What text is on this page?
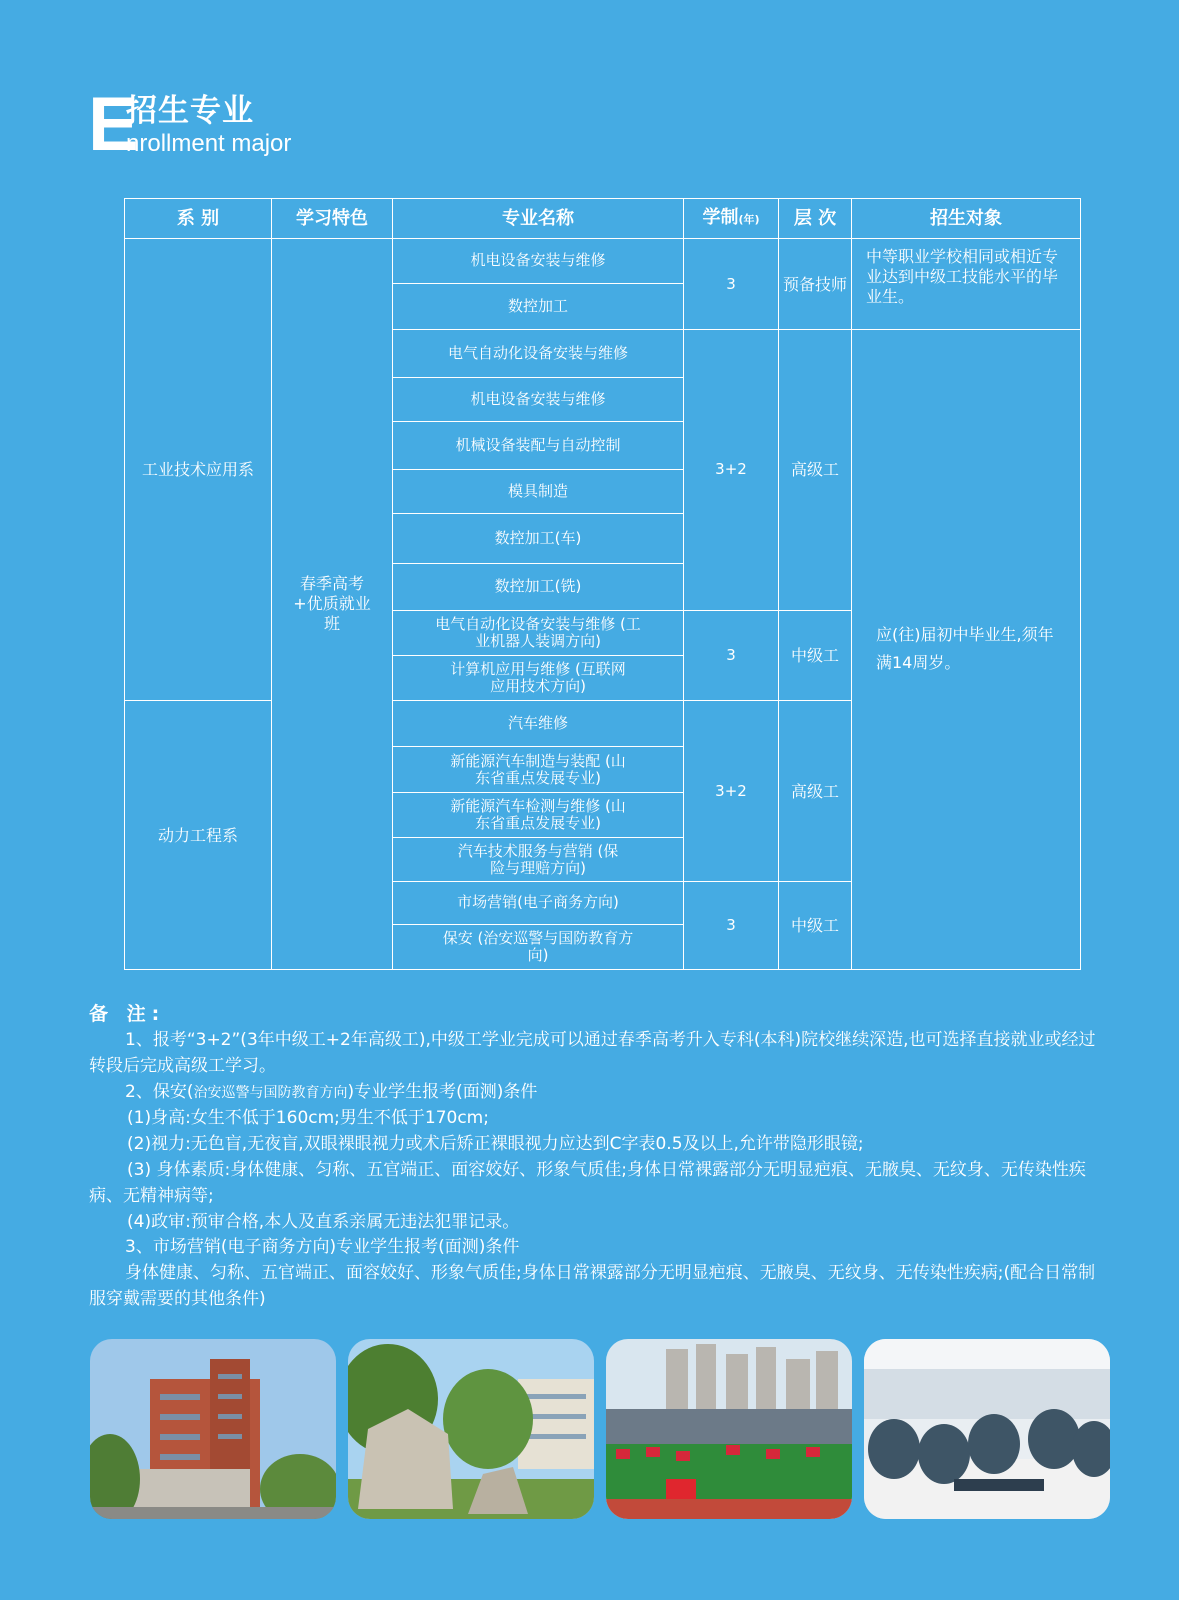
E
招生专业
nrollment major
系 别	学习特色	专业名称	学制(年)	层 次	招生对象
工业技术应用系	春季高考+优质就业班	机电设备安装与维修	3	预备技师	中等职业学校相同或相近专业达到中级工技能水平的毕业生。
		数控加工			
		电气自动化设备安装与维修	3+2	高级工	应(往)届初中毕业生,须年满14周岁。

		机电设备安装与维修			
		机械设备装配与自动控制			
		模具制造			
		数控加工(车)			
		数控加工(铣)			

		电气自动化设备安装与维修 (工业机器人装调方向)	3	中级工	

		计算机应用与维修 (互联网应用技术方向)			

动力工程系		汽车维修	3+2	高级工	

		新能源汽车制造与装配 (山东省重点发展专业)			

		新能源汽车检测与维修 (山东省重点发展专业)			

		汽车技术服务与营销 (保险与理赔方向)			

		市场营销(电子商务方向)	3	中级工	

		保安 (治安巡警与国防教育方向)			

备 注:

1、报考“3+2”(3年中级工+2年高级工),中级工学业完成可以通过春季高考升入专科(本科)院校继续深造,也可选择直接就业或经过转段后完成高级工学习。

2、保安(治安巡警与国防教育方向)专业学生报考(面测)条件

(1)身高:女生不低于160cm;男生不低于170cm;

(2)视力:无色盲,无夜盲,双眼裸眼视力或术后矫正裸眼视力应达到C字表0.5及以上,允许带隐形眼镜;

(3) 身体素质:身体健康、匀称、五官端正、面容姣好、形象气质佳;身体日常裸露部分无明显疤痕、无腋臭、无纹身、无传染性疾病、无精神病等;

(4)政审:预审合格,本人及直系亲属无违法犯罪记录。

3、市场营销(电子商务方向)专业学生报考(面测)条件

身体健康、匀称、五官端正、面容姣好、形象气质佳;身体日常裸露部分无明显疤痕、无腋臭、无纹身、无传染性疾病;(配合日常制服穿戴需要的其他条件)
